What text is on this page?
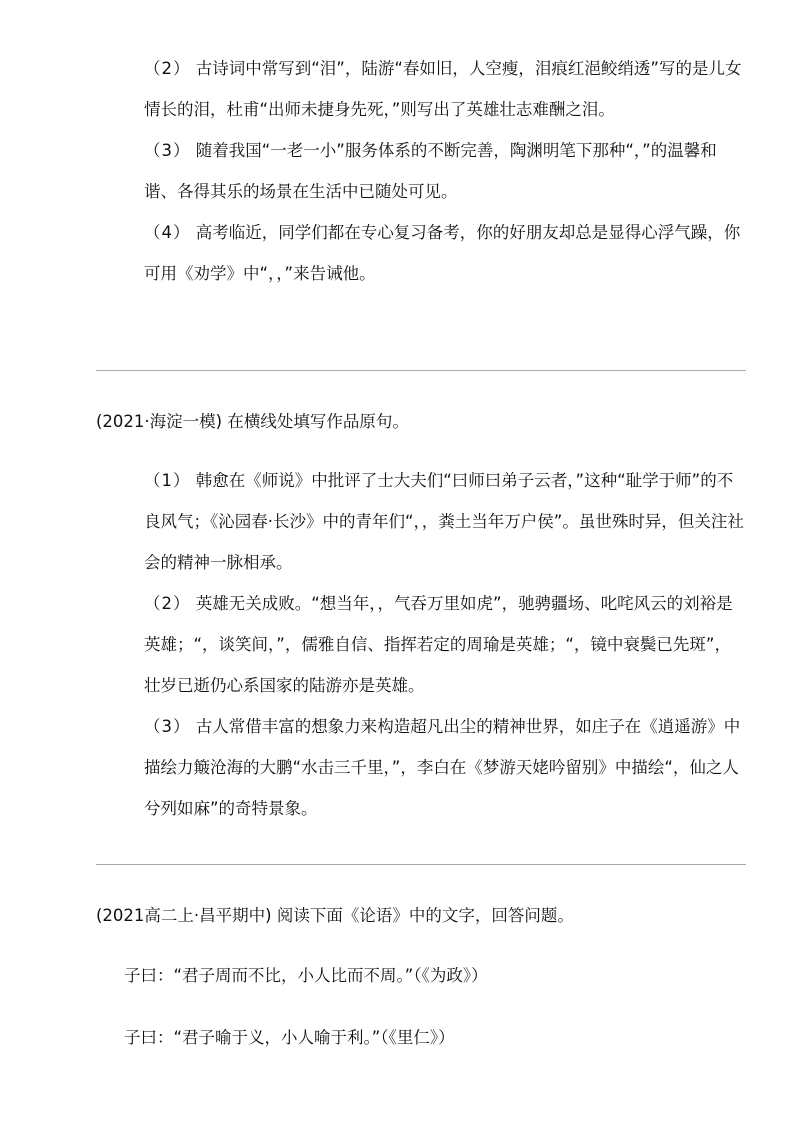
（2） 古诗词中常写到“泪”，陆游“春如旧，人空瘦，泪痕红浥鲛绡透”写的是儿女情长的泪，杜甫“出师未捷身先死，”则写出了英雄壮志难酬之泪。

（3） 随着我国“一老一小”服务体系的不断完善，陶渊明笔下那种“，”的温馨和谐、各得其乐的场景在生活中已随处可见。

（4） 高考临近，同学们都在专心复习备考，你的好朋友却总是显得心浮气躁，你可用《劝学》中“，，”来告诫他。

(2021·海淀一模) 在横线处填写作品原句。

（1） 韩愈在《师说》中批评了士大夫们“曰师曰弟子云者，”这种“耻学于师”的不良风气；《沁园春·长沙》中的青年们“，，粪土当年万户侯”。虽世殊时异，但关注社会的精神一脉相承。

（2） 英雄无关成败。“想当年，，气吞万里如虎”，驰骋疆场、叱咤风云的刘裕是英雄；“，谈笑间，”，儒雅自信、指挥若定的周瑜是英雄；“，镜中衰鬓已先斑”，壮岁已逝仍心系国家的陆游亦是英雄。

（3） 古人常借丰富的想象力来构造超凡出尘的精神世界，如庄子在《逍遥游》中描绘力簸沧海的大鹏“水击三千里，”，李白在《梦游天姥吟留别》中描绘“，仙之人兮列如麻”的奇特景象。

(2021高二上·昌平期中) 阅读下面《论语》中的文字，回答问题。

子曰：“君子周而不比，小人比而不周。”（《为政》）

子曰：“君子喻于义，小人喻于利。”（《里仁》）
